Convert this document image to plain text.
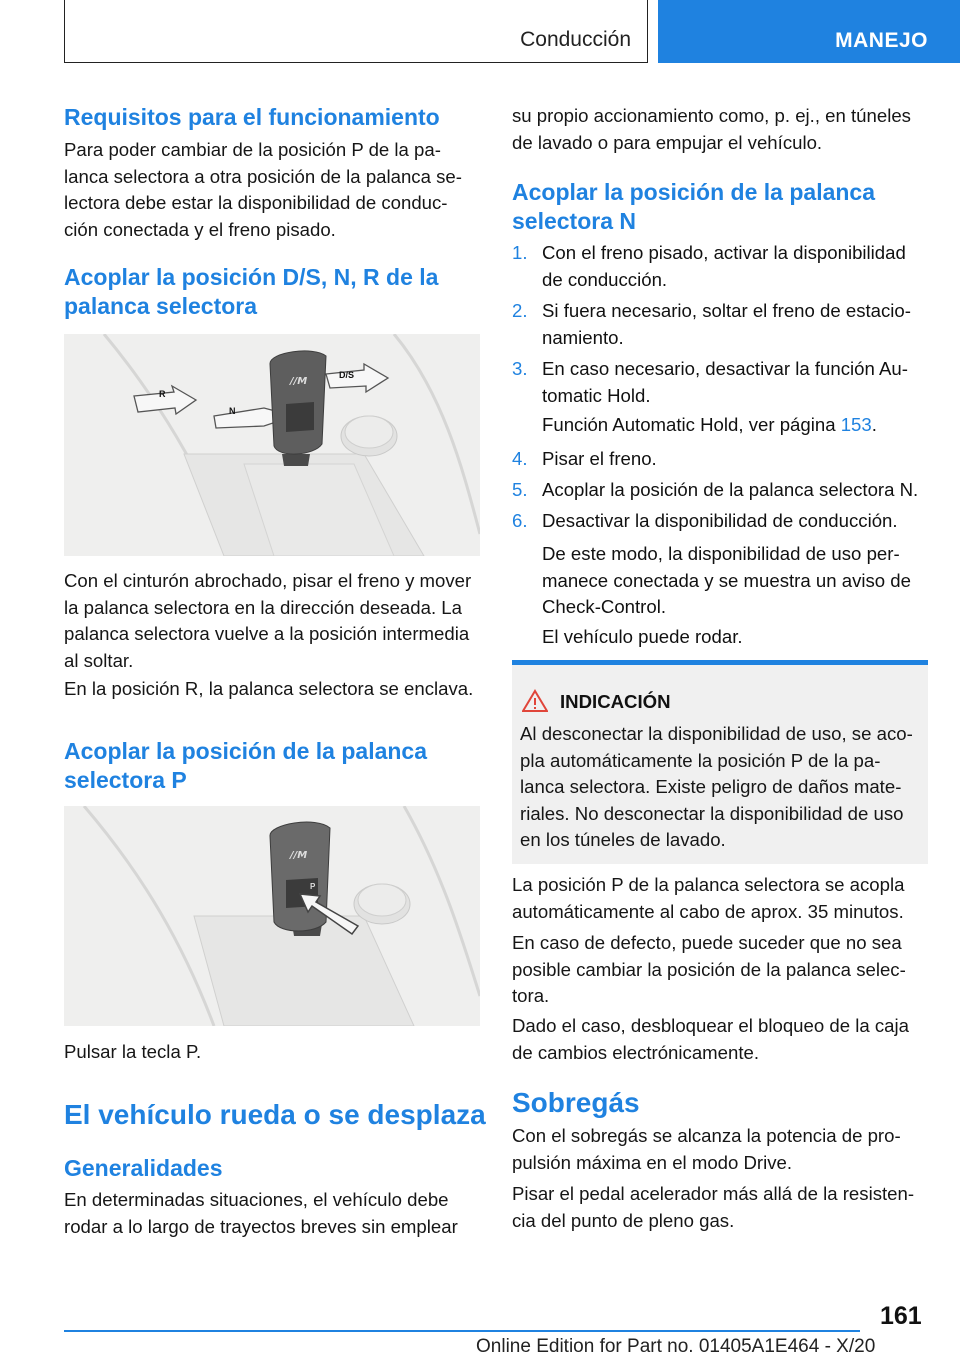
Conducción	MANEJO
Requisitos para el funcionamiento

Para poder cambiar de la posición P de la pa-
lanca selectora a otra posición de la palanca se-
lectora debe estar la disponibilidad de conduc-
ción conectada y el freno pisado.

Acoplar la posición D/S, N, R de la
palanca selectora
//M
R
N
D/S

Con el cinturón abrochado, pisar el freno y mover
la palanca selectora en la dirección deseada. La
palanca selectora vuelve a la posición intermedia
al soltar.

En la posición R, la palanca selectora se enclava.

Acoplar la posición de la palanca
selectora P
//M
P

Pulsar la tecla P.

El vehículo rueda o se desplaza
Generalidades

En determinadas situaciones, el vehículo debe
rodar a lo largo de trayectos breves sin emplear

su propio accionamiento como, p. ej., en túneles
de lavado o para empujar el vehículo.

Acoplar la posición de la palanca
selectora N
1. Con el freno pisado, activar la disponibilidad
de conducción.
2. Si fuera necesario, soltar el freno de estacio-
namiento.
3. En caso necesario, desactivar la función Au-
tomatic Hold.
Función Automatic Hold, ver página 153.
4. Pisar el freno.
5. Acoplar la posición de la palanca selectora N.
6. Desactivar la disponibilidad de conducción.
De este modo, la disponibilidad de uso per-
manece conectada y se muestra un aviso de
Check-Control.
El vehículo puede rodar.
INDICACIÓN

Al desconectar la disponibilidad de uso, se aco-
pla automáticamente la posición P de la pa-
lanca selectora. Existe peligro de daños mate-
riales. No desconectar la disponibilidad de uso
en los túneles de lavado.

La posición P de la palanca selectora se acopla
automáticamente al cabo de aprox. 35 minutos.

En caso de defecto, puede suceder que no sea
posible cambiar la posición de la palanca selec-
tora.

Dado el caso, desbloquear el bloqueo de la caja
de cambios electrónicamente.

Sobregás

Con el sobregás se alcanza la potencia de pro-
pulsión máxima en el modo Drive.

Pisar el pedal acelerador más allá de la resisten-
cia del punto de pleno gas.

161
Online Edition for Part no. 01405A1E464 - X/20
